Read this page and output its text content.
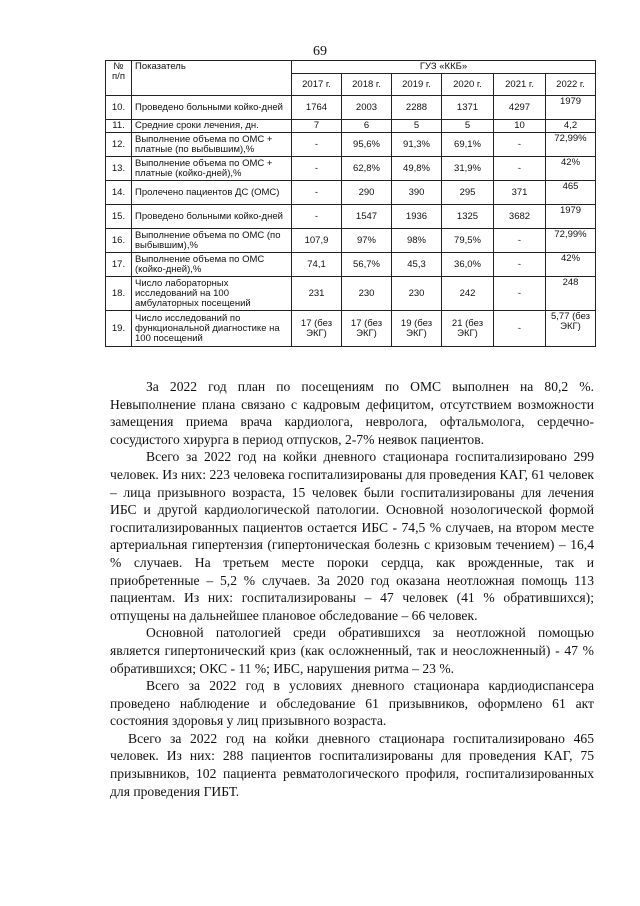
69
№ п/п	Показатель	ГУЗ «ККБ»					
		2017 г.	2018 г.	2019 г.	2020 г.	2021 г.	2022 г.
10.	Проведено больными койко-дней	1764	2003	2288	1371	4297	1979
11.	Средние сроки лечения, дн.	7	6	5	5	10	4,2
12.	Выполнение объема по ОМС + платные (по выбывшим),%	-	95,6%	91,3%	69,1%	-	72,99%
13.	Выполнение объема по ОМС + платные (койко-дней),%	-	62,8%	49,8%	31,9%	-	42%
14.	Пролечено пациентов ДС (ОМС)	-	290	390	295	371	465
15.	Проведено больными койко-дней	-	1547	1936	1325	3682	1979
16.	Выполнение объема по ОМС (по выбывшим),%	107,9	97%	98%	79,5%	-	72,99%
17.	Выполнение объема по ОМС (койко-дней),%	74,1	56,7%	45,3	36,0%	-	42%
18.	Число лабораторных исследований на 100 амбулаторных посещений	231	230	230	242	-	248
19.	Число исследований по функциональной диагностике на 100 посещений	17 (без ЭКГ)	17 (без ЭКГ)	19 (без ЭКГ)	21 (без ЭКГ)	-	5,77 (без ЭКГ)

За 2022 год план по посещениям по ОМС выполнен на 80,2 %. Невыполнение плана связано с кадровым дефицитом, отсутствием возможности замещения приема врача кардиолога, невролога, офтальмолога, сердечно-сосудистого хирурга в период отпусков, 2-7% неявок пациентов.

Всего за 2022 год на койки дневного стационара госпитализировано 299 человек. Из них: 223 человека госпитализированы для проведения КАГ, 61 человек – лица призывного возраста, 15 человек были госпитализированы для лечения ИБС и другой кардиологической патологии. Основной нозологической формой госпитализированных пациентов остается ИБС - 74,5 % случаев, на втором месте артериальная гипертензия (гипертоническая болезнь с кризовым течением) – 16,4 % случаев. На третьем месте пороки сердца, как врожденные, так и приобретенные – 5,2 % случаев. За 2020 год оказана неотложная помощь 113 пациентам. Из них: госпитализированы – 47 человек (41 % обратившихся); отпущены на дальнейшее плановое обследование – 66 человек.

Основной патологией среди обратившихся за неотложной помощью является гипертонический криз (как осложненный, так и неосложненный) - 47 % обратившихся; ОКС - 11 %; ИБС, нарушения ритма – 23 %.

Всего за 2022 год в условиях дневного стационара кардиодиспансера проведено наблюдение и обследование 61 призывников, оформлено 61 акт состояния здоровья у лиц призывного возраста.

Всего за 2022 год на койки дневного стационара госпитализировано 465 человек. Из них: 288 пациентов госпитализированы для проведения КАГ, 75 призывников, 102 пациента ревматологического профиля, госпитализированных для проведения ГИБТ.
